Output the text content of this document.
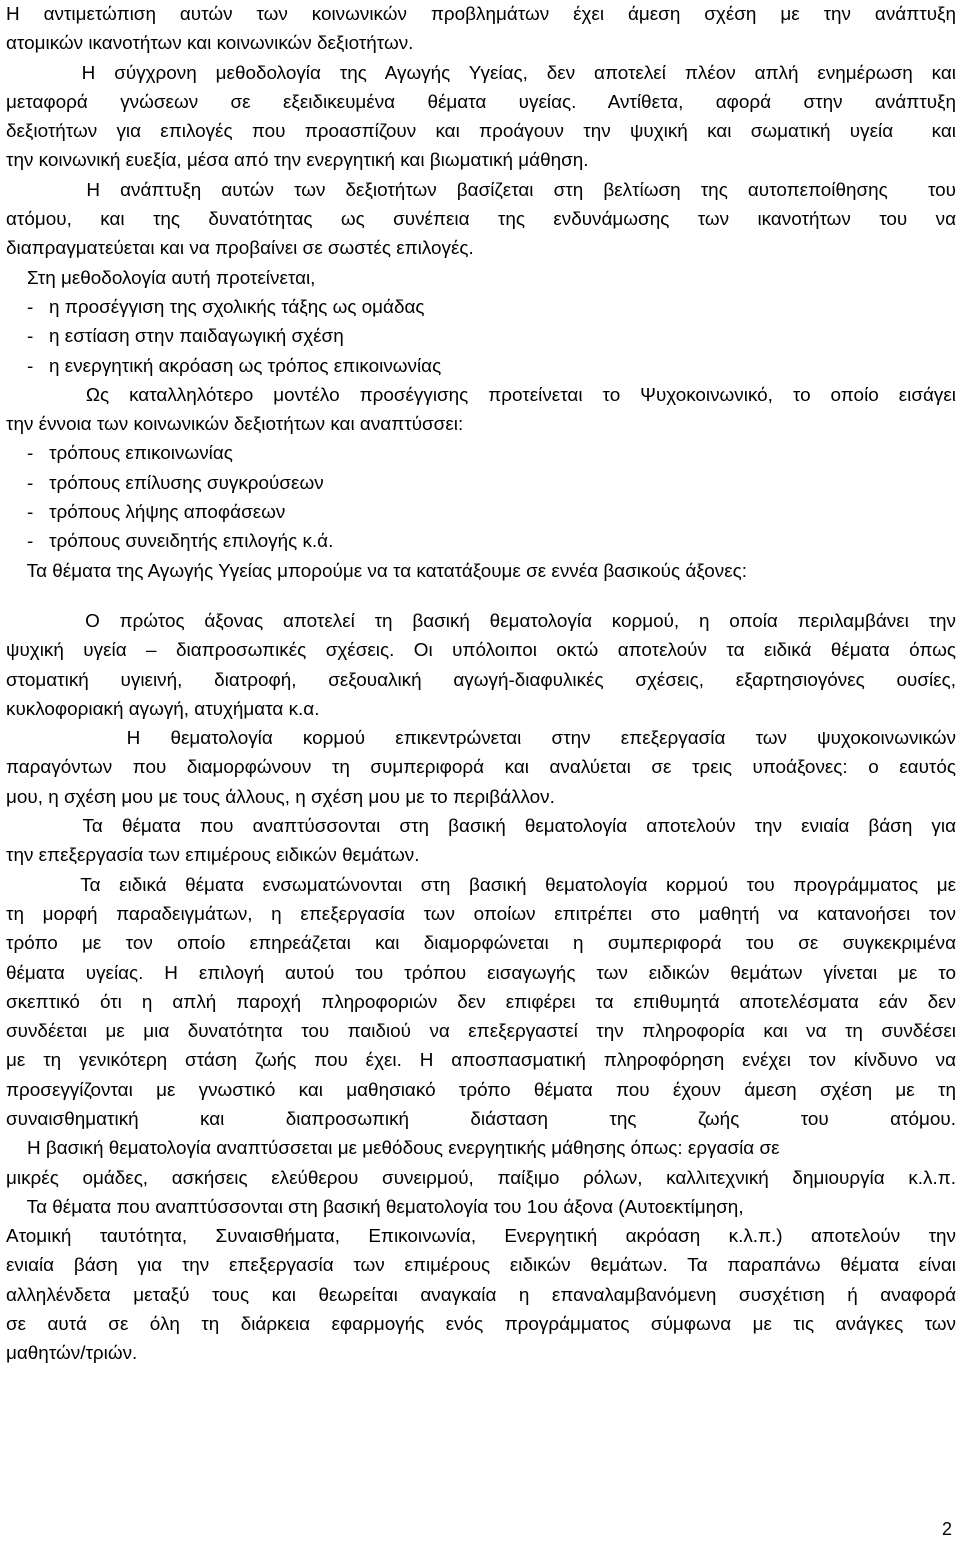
Η αντιμετώπιση αυτών των κοινωνικών προβλημάτων έχει άμεση σχέση με την ανάπτυξη
ατομικών ικανοτήτων και κοινωνικών δεξιοτήτων.
Η σύγχρονη μεθοδολογία της Αγωγής Υγείας, δεν αποτελεί πλέον απλή ενημέρωση και
μεταφορά γνώσεων σε εξειδικευμένα θέματα υγείας. Αντίθετα, αφορά στην ανάπτυξη
δεξιοτήτων για επιλογές που προασπίζουν και προάγουν την ψυχική και σωματική υγεία  και
την κοινωνική ευεξία, μέσα από την ενεργητική και βιωματική μάθηση.
Η ανάπτυξη αυτών των δεξιοτήτων βασίζεται στη βελτίωση της αυτοπεποίθησης  του
ατόμου, και της δυνατότητας ως συνέπεια της ενδυνάμωσης των ικανοτήτων του να
διαπραγματεύεται και να προβαίνει σε σωστές επιλογές.
Στη μεθοδολογία αυτή προτείνεται,
-   η προσέγγιση της σχολικής τάξης ως ομάδας
-   η εστίαση στην παιδαγωγική σχέση
-   η ενεργητική ακρόαση ως τρόπος επικοινωνίας
Ως καταλληλότερο μοντέλο προσέγγισης προτείνεται το Ψυχοκοινωνικό, το οποίο εισάγει
την έννοια των κοινωνικών δεξιοτήτων και αναπτύσσει:
-   τρόπους επικοινωνίας
-   τρόπους επίλυσης συγκρούσεων
-   τρόπους λήψης αποφάσεων
-   τρόπους συνειδητής επιλογής κ.ά.
Τα θέματα της Αγωγής Υγείας μπορούμε να τα κατατάξουμε σε εννέα βασικούς άξονες:
Ο πρώτος άξονας αποτελεί τη βασική θεματολογία κορμού, η οποία περιλαμβάνει την
ψυχική υγεία – διαπροσωπικές σχέσεις. Οι υπόλοιποι οκτώ αποτελούν τα ειδικά θέματα όπως
στοματική υγιεινή, διατροφή, σεξουαλική αγωγή-διαφυλικές σχέσεις, εξαρτησιογόνες ουσίες,
κυκλοφοριακή αγωγή, ατυχήματα κ.α.
Η θεματολογία κορμού επικεντρώνεται στην επεξεργασία των ψυχοκοινωνικών
παραγόντων που διαμορφώνουν τη συμπεριφορά και αναλύεται σε τρεις υποάξονες: ο εαυτός
μου, η σχέση μου με τους άλλους, η σχέση μου με το περιβάλλον.
Τα θέματα που αναπτύσσονται στη βασική θεματολογία αποτελούν την ενιαία βάση για
την επεξεργασία των επιμέρους ειδικών θεμάτων.
Τα ειδικά θέματα ενσωματώνονται στη βασική θεματολογία κορμού του προγράμματος με
τη μορφή παραδειγμάτων, η επεξεργασία των οποίων επιτρέπει στο μαθητή να κατανοήσει τον
τρόπο με τον οποίο επηρεάζεται και διαμορφώνεται η συμπεριφορά του σε συγκεκριμένα
θέματα υγείας. Η επιλογή αυτού του τρόπου εισαγωγής των ειδικών θεμάτων γίνεται με το
σκεπτικό ότι η απλή παροχή πληροφοριών δεν επιφέρει τα επιθυμητά αποτελέσματα εάν δεν
συνδέεται με μια δυνατότητα του παιδιού να επεξεργαστεί την πληροφορία και να τη συνδέσει
με τη γενικότερη στάση ζωής που έχει. Η αποσπασματική πληροφόρηση ενέχει τον κίνδυνο να
προσεγγίζονται με γνωστικό και μαθησιακό τρόπο θέματα που έχουν άμεση σχέση με τη
συναισθηματική και διαπροσωπική διάσταση της ζωής του ατόμου.
Η βασική θεματολογία αναπτύσσεται με μεθόδους ενεργητικής μάθησης όπως: εργασία σε
μικρές ομάδες, ασκήσεις ελεύθερου συνειρμού, παίξιμο ρόλων, καλλιτεχνική δημιουργία κ.λ.π.
Τα θέματα που αναπτύσσονται στη βασική θεματολογία του 1ου άξονα (Αυτοεκτίμηση,
Ατομική ταυτότητα, Συναισθήματα, Επικοινωνία, Ενεργητική ακρόαση κ.λ.π.) αποτελούν την
ενιαία βάση για την επεξεργασία των επιμέρους ειδικών θεμάτων. Τα παραπάνω θέματα είναι
αλληλένδετα μεταξύ τους και θεωρείται αναγκαία η επαναλαμβανόμενη συσχέτιση ή αναφορά
σε αυτά σε όλη τη διάρκεια εφαρμογής ενός προγράμματος σύμφωνα με τις ανάγκες των
μαθητών/τριών.
2
